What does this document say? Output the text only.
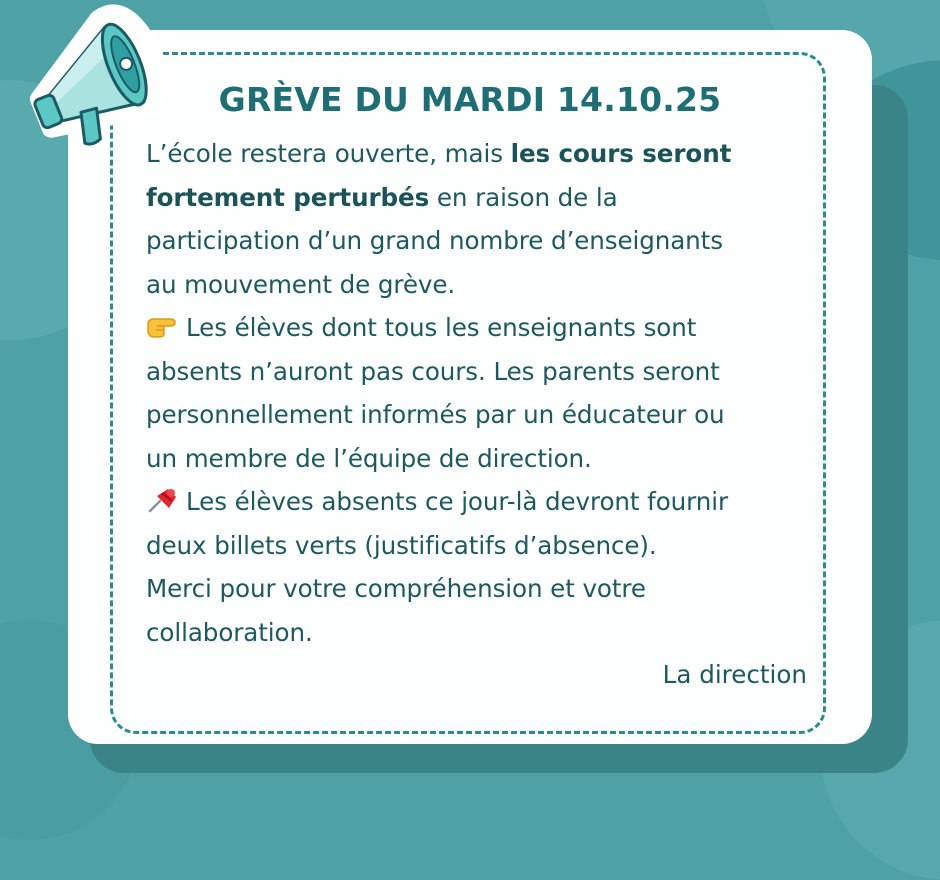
GRÈVE DU MARDI 14.10.25

L’école restera ouverte, mais les cours seront

fortement perturbés en raison de la

participation d’un grand nombre d’enseignants

au mouvement de grève.

Les élèves dont tous les enseignants sont

absents n’auront pas cours. Les parents seront

personnellement informés par un éducateur ou

un membre de l’équipe de direction.

Les élèves absents ce jour-là devront fournir

deux billets verts (justificatifs d’absence).

Merci pour votre compréhension et votre

collaboration.

La direction
